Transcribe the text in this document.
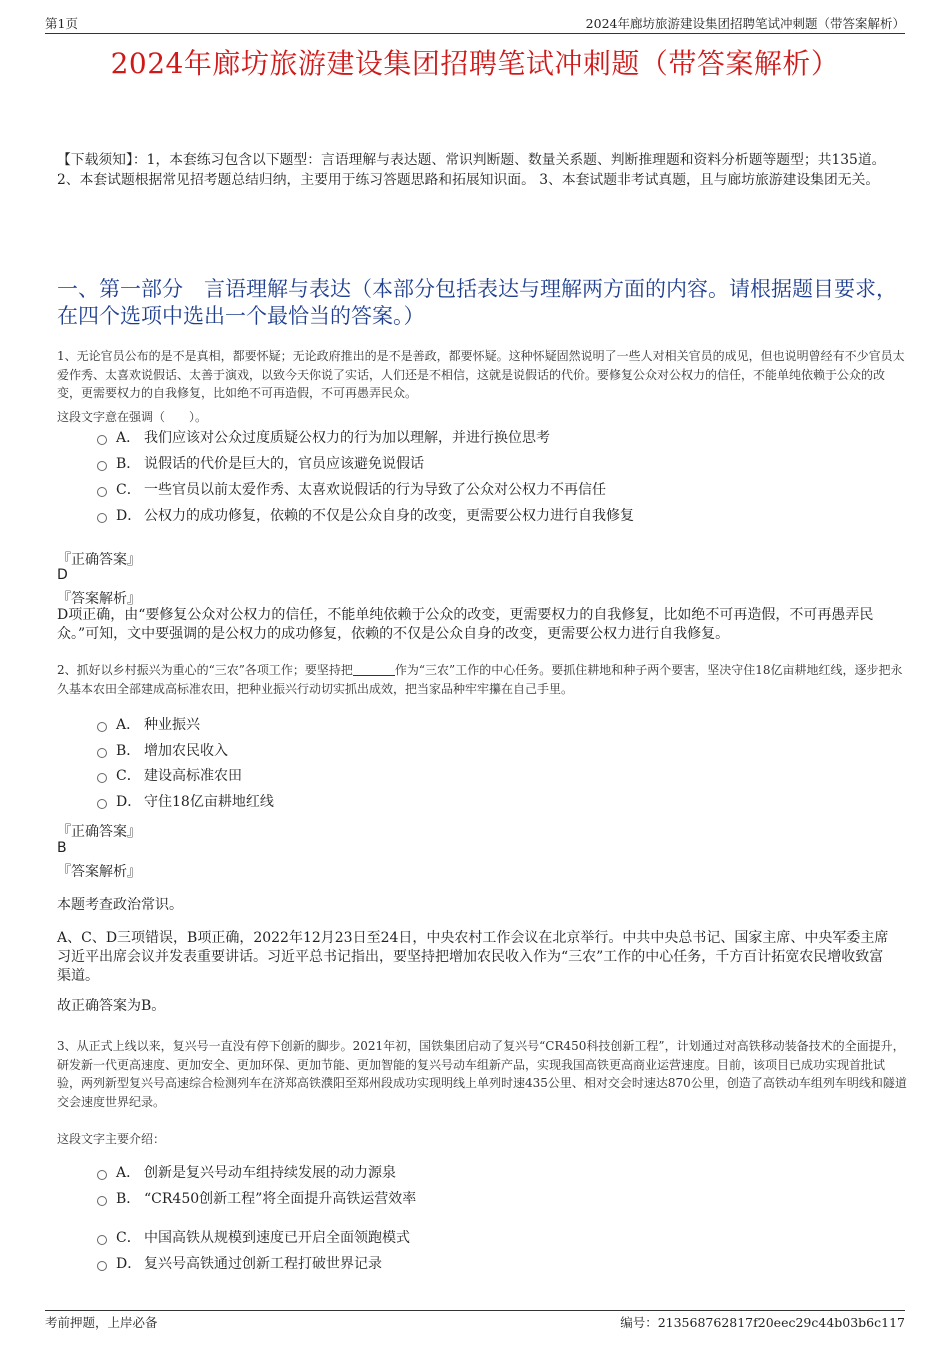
第1页	2024年廊坊旅游建设集团招聘笔试冲刺题（带答案解析）
2024年廊坊旅游建设集团招聘笔试冲刺题（带答案解析）
【下载须知】：1，本套练习包含以下题型：言语理解与表达题、常识判断题、数量关系题、判断推理题和资料分析题等题型；共135道。 2、本套试题根据常见招考题总结归纳，主要用于练习答题思路和拓展知识面。 3、本套试题非考试真题，且与廊坊旅游建设集团无关。
一、第一部分　言语理解与表达（本部分包括表达与理解两方面的内容。请根据题目要求，在四个选项中选出一个最恰当的答案。）
1、无论官员公布的是不是真相，都要怀疑；无论政府推出的是不是善政，都要怀疑。这种怀疑固然说明了一些人对相关官员的成见，但也说明曾经有不少官员太爱作秀、太喜欢说假话、太善于演戏，以致今天你说了实话，人们还是不相信，这就是说假话的代价。要修复公众对公权力的信任，不能单纯依赖于公众的改变，更需要权力的自我修复，比如绝不可再造假，不可再愚弄民众。
这段文字意在强调（　　）。
A． 我们应该对公众过度质疑公权力的行为加以理解，并进行换位思考
B． 说假话的代价是巨大的，官员应该避免说假话
C． 一些官员以前太爱作秀、太喜欢说假话的行为导致了公众对公权力不再信任
D． 公权力的成功修复，依赖的不仅是公众自身的改变，更需要公权力进行自我修复
『正确答案』
D
『答案解析』
D项正确，由“要修复公众对公权力的信任，不能单纯依赖于公众的改变，更需要权力的自我修复，比如绝不可再造假，不可再愚弄民众。”可知，文中要强调的是公权力的成功修复，依赖的不仅是公众自身的改变，更需要公权力进行自我修复。
2、抓好以乡村振兴为重心的“三农”各项工作；要坚持把	作为“三农”工作的中心任务。要抓住耕地和种子两个要害，坚决守住18亿亩耕地红线，逐步把永久基本农田全部建成高标准农田，把种业振兴行动切实抓出成效，把当家品种牢牢攥在自己手里。
A． 种业振兴
B． 增加农民收入
C． 建设高标准农田
D． 守住18亿亩耕地红线
『正确答案』
B
『答案解析』
本题考查政治常识。
A、C、D三项错误，B项正确，2022年12月23日至24日，中央农村工作会议在北京举行。中共中央总书记、国家主席、中央军委主席习近平出席会议并发表重要讲话。习近平总书记指出，要坚持把增加农民收入作为“三农”工作的中心任务，千方百计拓宽农民增收致富渠道。
故正确答案为B。
3、从正式上线以来，复兴号一直没有停下创新的脚步。2021年初，国铁集团启动了复兴号“CR450科技创新工程”，计划通过对高铁移动装备技术的全面提升，研发新一代更高速度、更加安全、更加环保、更加节能、更加智能的复兴号动车组新产品，实现我国高铁更高商业运营速度。目前，该项目已成功实现首批试验，两列新型复兴号高速综合检测列车在济郑高铁濮阳至郑州段成功实现明线上单列时速435公里、相对交会时速达870公里，创造了高铁动车组列车明线和隧道交会速度世界纪录。
这段文字主要介绍：
A． 创新是复兴号动车组持续发展的动力源泉
B． “CR450创新工程”将全面提升高铁运营效率
C． 中国高铁从规模到速度已开启全面领跑模式
D． 复兴号高铁通过创新工程打破世界记录
考前押题，上岸必备	编号：213568762817f20eec29c44b03b6c117
